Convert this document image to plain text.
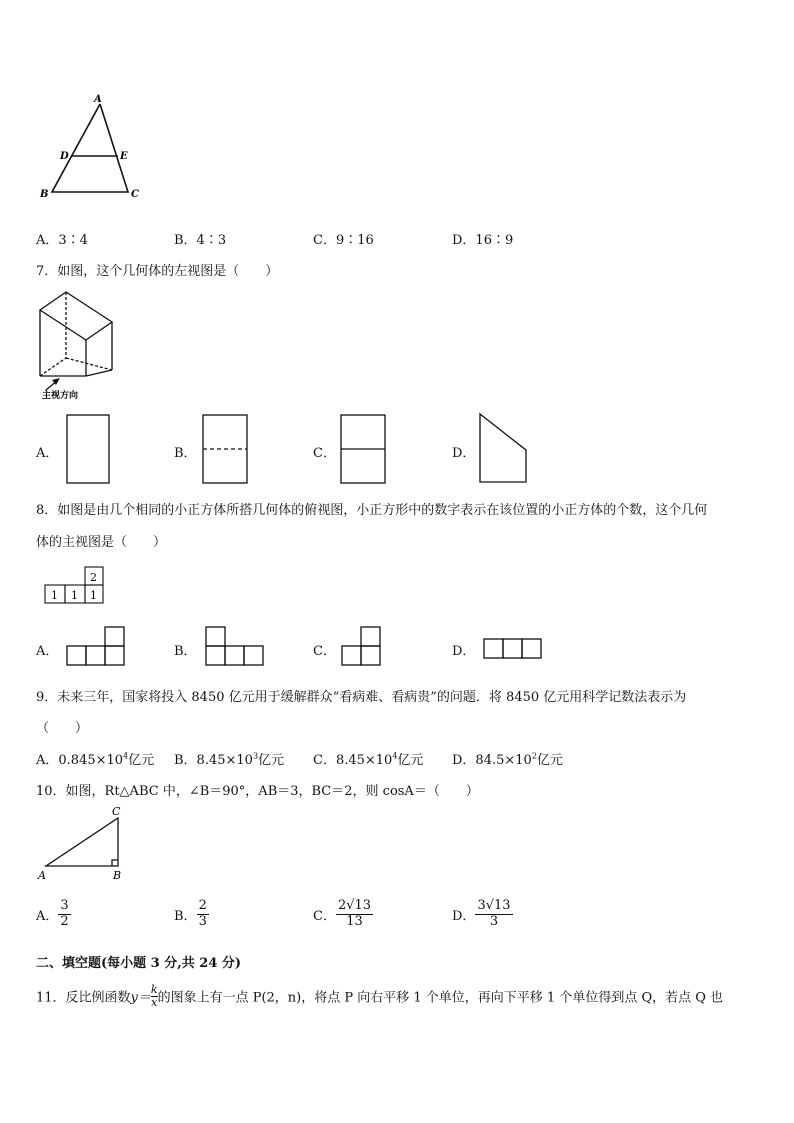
A
D	E
B	C
A．3∶4	B．4∶3	C．9∶16	D．16∶9
7．如图，这个几何体的左视图是（　　）
主视方向
A．	B．	C．	D．
8．如图是由几个相同的小正方体所搭几何体的俯视图，小正方形中的数字表示在该位置的小正方体的个数，这个几何
体的主视图是（　　）
2
1 1 1
A．	B．	C．	D．
9．未来三年，国家将投入 8450 亿元用于缓解群众“看病难、看病贵”的问题．将 8450 亿元用科学记数法表示为
（　　）
A．$0.845\times 10^4$亿元 B．$8.45\times 10^3$亿元 C．$8.45\times 10^4$亿元 D．$84.5\times 10^2$亿元
10．如图，Rt△ABC 中，∠B＝90°，AB＝3，BC＝2，则 cosA＝（　　）
C
A	B
A． $\frac{3}{2}$	B． $\frac{2}{3}$	C． $\frac{2√13}{13}$	D． $\frac{3√13}{3}$
二、填空题(每小题 3 分,共 24 分)
11．反比例函数$y= \frac{k}{x}$ 的图象上有一点 P(2，n)，将点 P 向右平移 1 个单位，再向下平移 1 个单位得到点 Q，若点 Q 也
